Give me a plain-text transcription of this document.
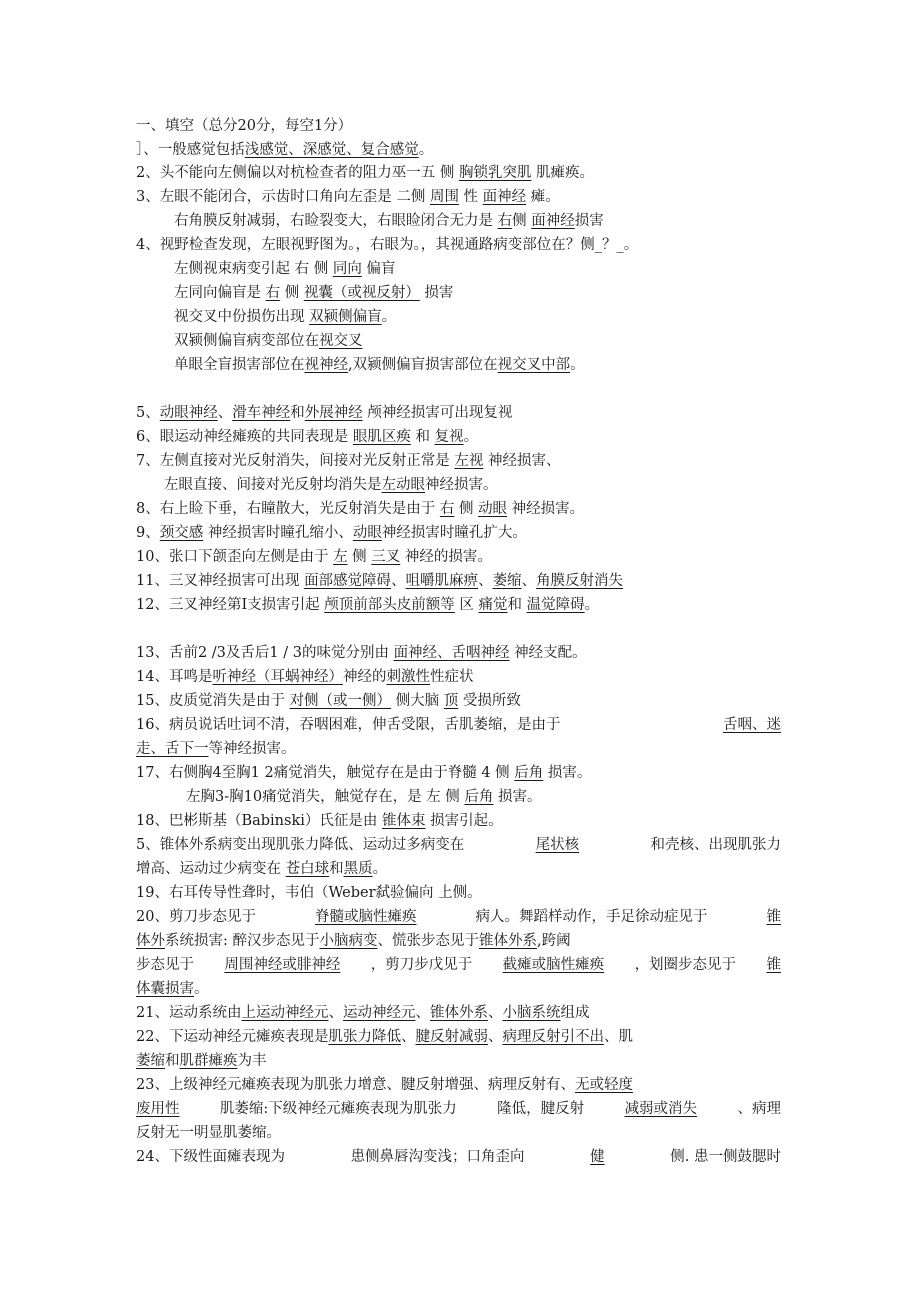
一、填空（总分20分，每空1分）
］、一般感觉包括浅感觉、深感觉、复合感觉。
2、头不能向左侧偏以对杭检查者的阻力巫一五 侧 胸锁乳突肌 肌瘫痪。
3、左眼不能闭合，示齿时口角向左歪是 二侧 周围 性 面神经 瘫。
右角膜反射减弱，右睑裂变大，右眼睑闭合无力是 右侧 面神经损害
4、视野检查发现，左眼视野图为。，右眼为。，其视通路病变部位在？侧_？_。
左侧视束病变引起 右 侧 同向 偏盲
左同向偏盲是 右 侧 视囊（或视反射） 损害
视交叉中份损伤出现 双颍侧偏盲。
双颍侧偏盲病变部位在视交叉
单眼全盲损害部位在视神经,双颍侧偏盲损害部位在视交叉中部。
5、动眼神经、滑车神经和外展神经 颅神经损害可出现复视
6、眼运动神经瘫痪的共同表现是 眼肌区痪 和 复视。
7、左侧直接对光反射消失，间接对光反射正常是 左视 神经损害、
左眼直接、间接对光反射均消失是左动眼神经损害。
8、右上睑下垂，右瞳散大，光反射消失是由于 右 侧 动眼 神经损害。
9、颈交感 神经损害时瞳孔缩小、动眼神经损害时瞳孔扩大。
10、张口下颌歪向左侧是由于 左 侧 三叉 神经的损害。
11、三叉神经损害可出现 面部感觉障碍、咀嚼肌麻痹、萎缩、角膜反射消失
12、三叉神经第Ⅰ支损害引起 颅顶前部头皮前额等 区 痛觉和 温觉障碍。
13、舌前2 /3及舌后1 / 3的味觉分别由 面神经、舌咽神经 神经支配。
14、耳鸣是听神经（耳蜗神经）神经的刺激性性症状
15、皮质觉消失是由于 对侧（或一侧） 侧大脑 顶 受损所致
16、病员说话吐词不清，吞咽困难，伸舌受限，舌肌萎缩，是由于	舌咽、迷
走、舌下一等神经损害。
17、右侧胸4至胸1 2痛觉消失，触觉存在是由于脊髓 4 侧 后角 损害。
左胸3-胸10痛觉消失，触觉存在，是 左 侧 后角 损害。
18、巴彬斯基（Babinski）氏征是由 锥体束 损害引起。
5、锥体外系病变出现肌张力降低、运动过多病变在	尾状核	和壳核、出现肌张力
增高、运动过少病变在 苍白球和黑质。
19、右耳传导性聋时，韦伯（Weber弑验偏向 上侧。
20、剪刀步态见于	脊髓或脑性瘫痪	病人。舞蹈样动作，手足徐动症见于	锥
体外系统损害: 醉汉步态见于小脑病变、慌张步态见于锥体外系,跨阈
步态见于 周围神经或腓神经 ，剪刀步戊见于 截瘫或脑性瘫痪 ，划圈步态见于 锥
体囊损害。
21、运动系统由上运动神经元、运动神经元、锥体外系、小脑系统组成
22、下运动神经元瘫痪表现是肌张力降低、腱反射减弱、病理反射引不出、肌
萎缩和肌群瘫痪为丰
23、上级神经元瘫痪表现为肌张力增意、腱反射增强、病理反射有、无或轻度
废用性	肌萎缩:下级神经元瘫痪表现为肌张力	隆低，腱反射	减弱或消失	、病理
反射无一明显肌萎缩。
24、下级性面瘫表现为	患侧鼻唇沟变浅；口角歪向	健	侧. 患一侧鼓腮时
